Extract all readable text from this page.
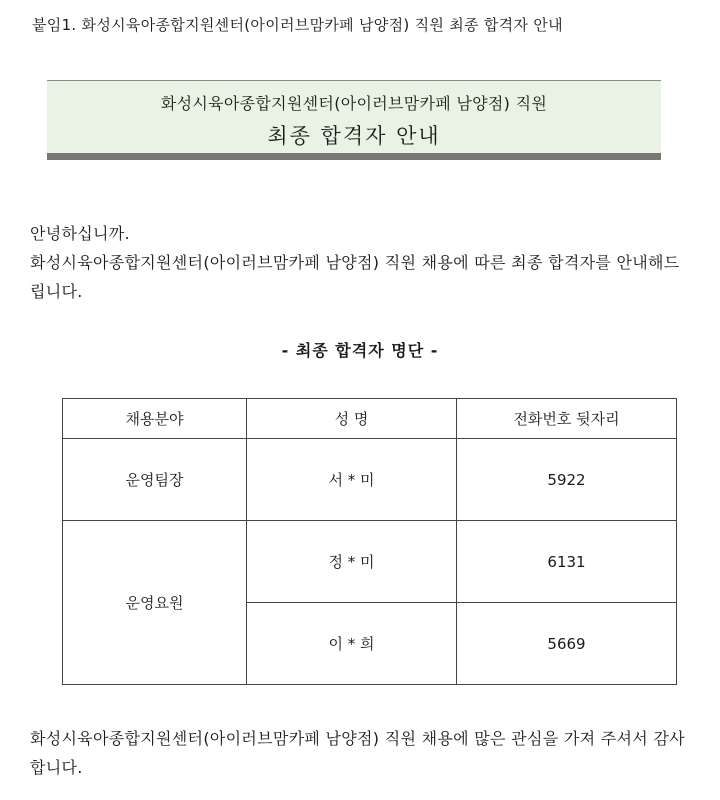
붙임1. 화성시육아종합지원센터(아이러브맘카페 남양점) 직원 최종 합격자 안내
화성시육아종합지원센터(아이러브맘카페 남양점) 직원
최종 합격자 안내
안녕하십니까.
화성시육아종합지원센터(아이러브맘카페 남양점) 직원 채용에 따른 최종 합격자를 안내해드립니다.
- 최종 합격자 명단 -
채용분야	성 명	전화번호 뒷자리
운영팀장	서 * 미	5922
운영요원	정 * 미	6131
	이 * 희	5669
화성시육아종합지원센터(아이러브맘카페 남양점) 직원 채용에 많은 관심을 가져 주셔서 감사합니다.
